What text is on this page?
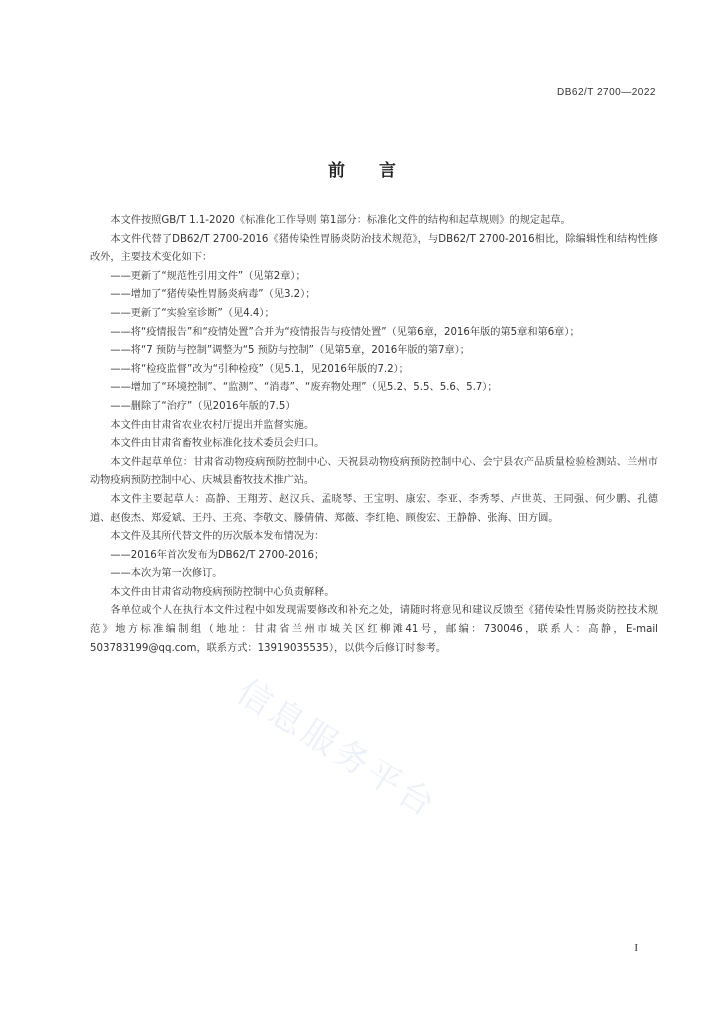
DB62/T 2700—2022
前言
信息服务平台

本文件按照GB/T 1.1-2020《标准化工作导则 第1部分：标准化文件的结构和起草规则》的规定起草。

本文件代替了DB62/T 2700-2016《猪传染性胃肠炎防治技术规范》，与DB62/T 2700-2016相比，除编辑性和结构性修改外，主要技术变化如下：

——更新了“规范性引用文件”（见第2章）；

——增加了“猪传染性胃肠炎病毒”（见3.2）；

——更新了“实验室诊断”（见4.4）；

——将“疫情报告”和“疫情处置”合并为“疫情报告与疫情处置”（见第6章，2016年版的第5章和第6章）；

——将“7 预防与控制”调整为“5 预防与控制”（见第5章，2016年版的第7章）；

——将“检疫监督”改为“引种检疫”（见5.1，见2016年版的7.2）；

——增加了“环境控制”、“监测”、“消毒”、“废弃物处理”（见5.2、5.5、5.6、5.7）；

——删除了“治疗”（见2016年版的7.5）

本文件由甘肃省农业农村厅提出并监督实施。

本文件由甘肃省畜牧业标准化技术委员会归口。

本文件起草单位：甘肃省动物疫病预防控制中心、天祝县动物疫病预防控制中心、会宁县农产品质量检验检测站、兰州市动物疫病预防控制中心、庆城县畜牧技术推广站。

本文件主要起草人：高静、王翔芳、赵汉兵、孟晓琴、王宝明、康宏、李亚、李秀琴、卢世英、王同强、何少鹏、孔德道、赵俊杰、郑爱斌、王丹、王亮、李敬文、滕倩倩、郑薇、李红艳、顾俊宏、王静静、张海、田方圆。

本文件及其所代替文件的历次版本发布情况为：

——2016年首次发布为DB62/T 2700-2016；

——本次为第一次修订。

本文件由甘肃省动物疫病预防控制中心负责解释。

各单位或个人在执行本文件过程中如发现需要修改和补充之处，请随时将意见和建议反馈至《猪传染性胃肠炎防控技术规范》地方标准编制组（地址：甘肃省兰州市城关区红柳滩41号，邮编：730046，联系人：高静，E-mail 503783199@qq.com，联系方式：13919035535），以供今后修订时参考。

I
